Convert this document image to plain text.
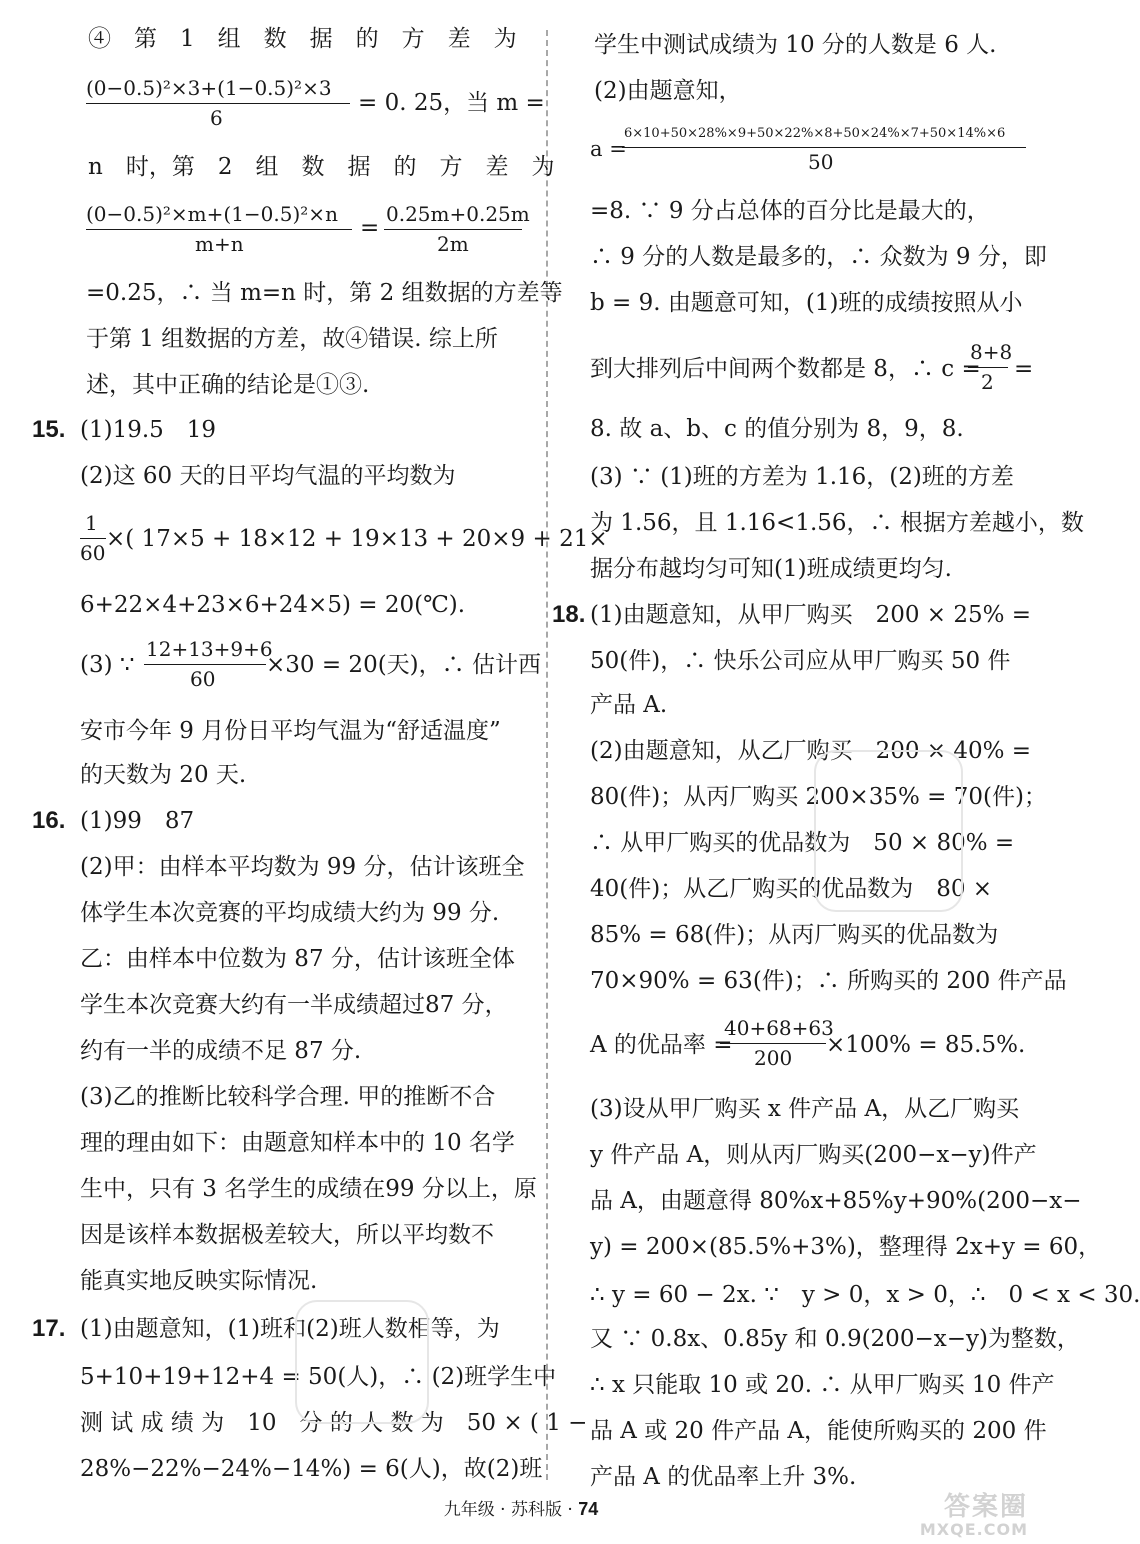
④　第　1　组　数　据　的　方　差　为
(0−0.5)²×3+(1−0.5)²×3
6
= 0. 25，当 m =
n　时，第　2　组　数　据　的　方　差　为
(0−0.5)²×m+(1−0.5)²×n
m+n
=
0.25m+0.25m
2m
=0.25，∴ 当 m=n 时，第 2 组数据的方差等
于第 1 组数据的方差，故④错误. 综上所
述，其中正确的结论是①③.
15. (1)19.5　19
(2)这 60 天的日平均气温的平均数为
1
60
×( 17×5 + 18×12 + 19×13 + 20×9 + 21×
6+22×4+23×6+24×5) = 20(℃).
(3) ∵
12+13+9+6
60
×30 = 20(天)，∴ 估计西
安市今年 9 月份日平均气温为“舒适温度”
的天数为 20 天.
16. (1)99　87
(2)甲：由样本平均数为 99 分，估计该班全
体学生本次竞赛的平均成绩大约为 99 分.
乙：由样本中位数为 87 分，估计该班全体
学生本次竞赛大约有一半成绩超过87 分，
约有一半的成绩不足 87 分.
(3)乙的推断比较科学合理. 甲的推断不合
理的理由如下：由题意知样本中的 10 名学
生中，只有 3 名学生的成绩在99 分以上，原
因是该样本数据极差较大，所以平均数不
能真实地反映实际情况.
17. (1)由题意知，(1)班和(2)班人数相等，为
5+10+19+12+4 = 50(人)，∴ (2)班学生中
测 试 成 绩 为　10　分 的 人 数 为　50 × ( 1 −
28%−22%−24%−14%) = 6(人)，故(2)班
学生中测试成绩为 10 分的人数是 6 人.
(2)由题意知，
a =
6×10+50×28%×9+50×22%×8+50×24%×7+50×14%×6
50
=8. ∵ 9 分占总体的百分比是最大的，
∴ 9 分的人数是最多的，∴ 众数为 9 分，即
b = 9. 由题意可知，(1)班的成绩按照从小
到大排列后中间两个数都是 8，∴ c =
8+8
2 =
8. 故 a、b、c 的值分别为 8，9，8.
(3) ∵ (1)班的方差为 1.16，(2)班的方差
为 1.56，且 1.16<1.56，∴ 根据方差越小，数
据分布越均匀可知(1)班成绩更均匀.
18. (1)由题意知，从甲厂购买　200 × 25% =
50(件)，∴ 快乐公司应从甲厂购买 50 件
产品 A.
(2)由题意知，从乙厂购买　200 × 40% =
80(件)；从丙厂购买 200×35% = 70(件)；
∴ 从甲厂购买的优品数为　50 × 80% =
40(件)；从乙厂购买的优品数为　80 ×
85% = 68(件)；从丙厂购买的优品数为
70×90% = 63(件)；∴ 所购买的 200 件产品
A 的优品率 =
40+68+63
200 ×100% = 85.5%.
(3)设从甲厂购买 x 件产品 A，从乙厂购买
y 件产品 A，则从丙厂购买(200−x−y)件产
品 A，由题意得 80%x+85%y+90%(200−x−
y) = 200×(85.5%+3%)，整理得 2x+y = 60，
∴ y = 60 − 2x. ∵　y > 0，x > 0，∴　0 < x < 30.
又 ∵ 0.8x、0.85y 和 0.9(200−x−y)为整数，
∴ x 只能取 10 或 20. ∴ 从甲厂购买 10 件产
品 A 或 20 件产品 A，能使所购买的 200 件
产品 A 的优品率上升 3%.
九年级 · 苏科版 · 74	答案圈
MXQE.COM
